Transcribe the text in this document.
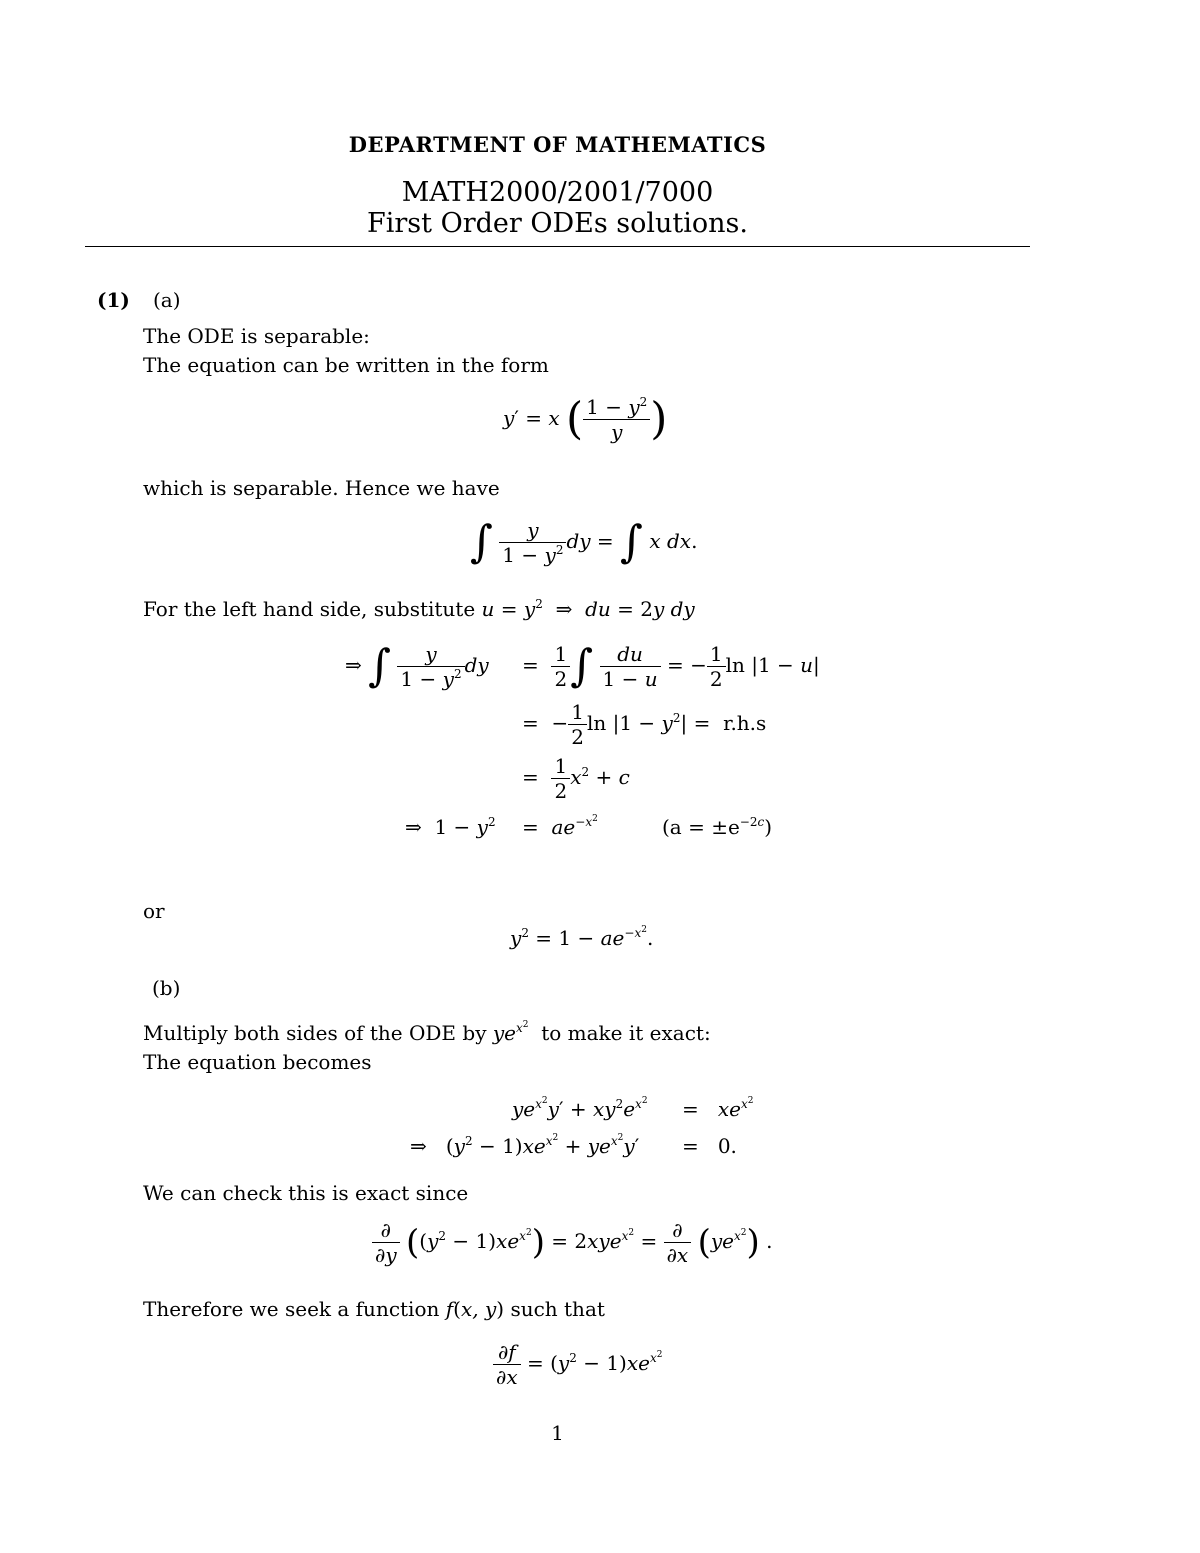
DEPARTMENT OF MATHEMATICS
MATH2000/2001/7000
First Order ODEs solutions.
(1) (a)
The ODE is separable:
The equation can be written in the form
y′ = x ( $\frac{1 - y^2}{y}$ )
which is separable. Hence we have
∫ $\frac{y}{1 - y^2}$ dy = ∫ x dx.
For the left hand side, substitute $u = y^2$  ⇒  du = 2y dy
⇒ ∫ $\frac{y}{1 - y^2}$ dy = $\frac{1}{2}$ ∫ $\frac{du}{1 - u}$ = − $\frac{1}{2}$ ln |1 − u|
=  − $\frac{1}{2}$ $\ln |1 - y^2| = r.h.s$
= $\frac{1}{2} x^2 + c$
⇒  $1 - y^2 = ae^{-x^2}$	$(a = \pm e^{-2c})$
or
$y^2 = 1 - ae^{-x^2}$.
(b)
Multiply both sides of the ODE by $ye^{x^2}$ to make it exact:
The equation becomes
$ye^{x^2}y' + xy^2e^{x^2} = xe^{x^2}$
⇒   $(y^2 - 1)xe^{x^2} + ye^{x^2}y' = 0$.
We can check this is exact since
$\frac{\partial}{\partial y} ((y^2 - 1)xe^{x^2}) = 2xye^{x^2} = \frac{\partial}{\partial x} (ye^{x^2})$ .
Therefore we seek a function f(x, y) such that
$\frac{\partial f}{\partial x} = (y^2 - 1)xe^{x^2}$
1
